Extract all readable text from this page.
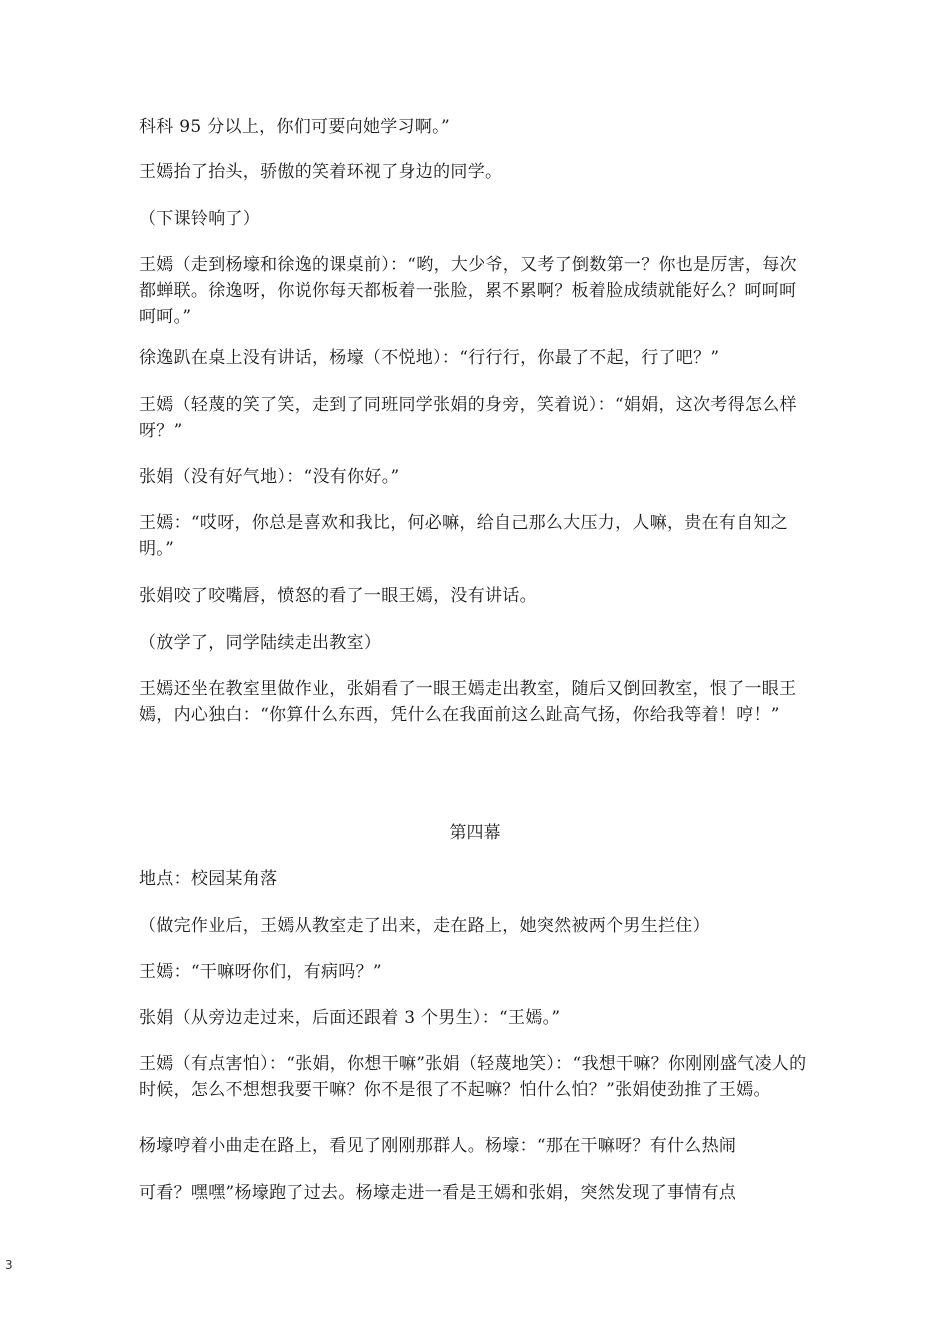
科科 95 分以上，你们可要向她学习啊。”

王嫣抬了抬头，骄傲的笑着环视了身边的同学。

（下课铃响了）

王嫣（走到杨壕和徐逸的课桌前）：“哟，大少爷，又考了倒数第一？你也是厉害，每次都蝉联。徐逸呀，你说你每天都板着一张脸，累不累啊？板着脸成绩就能好么？呵呵呵呵呵。”

徐逸趴在桌上没有讲话，杨壕（不悦地）：“行行行，你最了不起，行了吧？”

王嫣（轻蔑的笑了笑，走到了同班同学张娟的身旁，笑着说）：“娟娟，这次考得怎么样呀？”

张娟（没有好气地）：“没有你好。”

王嫣：“哎呀，你总是喜欢和我比，何必嘛，给自己那么大压力，人嘛，贵在有自知之明。”

张娟咬了咬嘴唇，愤怒的看了一眼王嫣，没有讲话。

（放学了，同学陆续走出教室）

王嫣还坐在教室里做作业，张娟看了一眼王嫣走出教室，随后又倒回教室，恨了一眼王嫣，内心独白：“你算什么东西，凭什么在我面前这么趾高气扬，你给我等着！哼！”

第四幕

地点：校园某角落

（做完作业后，王嫣从教室走了出来，走在路上，她突然被两个男生拦住）

王嫣：“干嘛呀你们，有病吗？”

张娟（从旁边走过来，后面还跟着 3 个男生）：“王嫣。”

王嫣（有点害怕）：“张娟，你想干嘛”张娟（轻蔑地笑）：“我想干嘛？你刚刚盛气凌人的时候，怎么不想想我要干嘛？你不是很了不起嘛？怕什么怕？”张娟使劲推了王嫣。

杨壕哼着小曲走在路上，看见了刚刚那群人。杨壕：“那在干嘛呀？有什么热闹

可看？嘿嘿”杨壕跑了过去。杨壕走进一看是王嫣和张娟，突然发现了事情有点

3
